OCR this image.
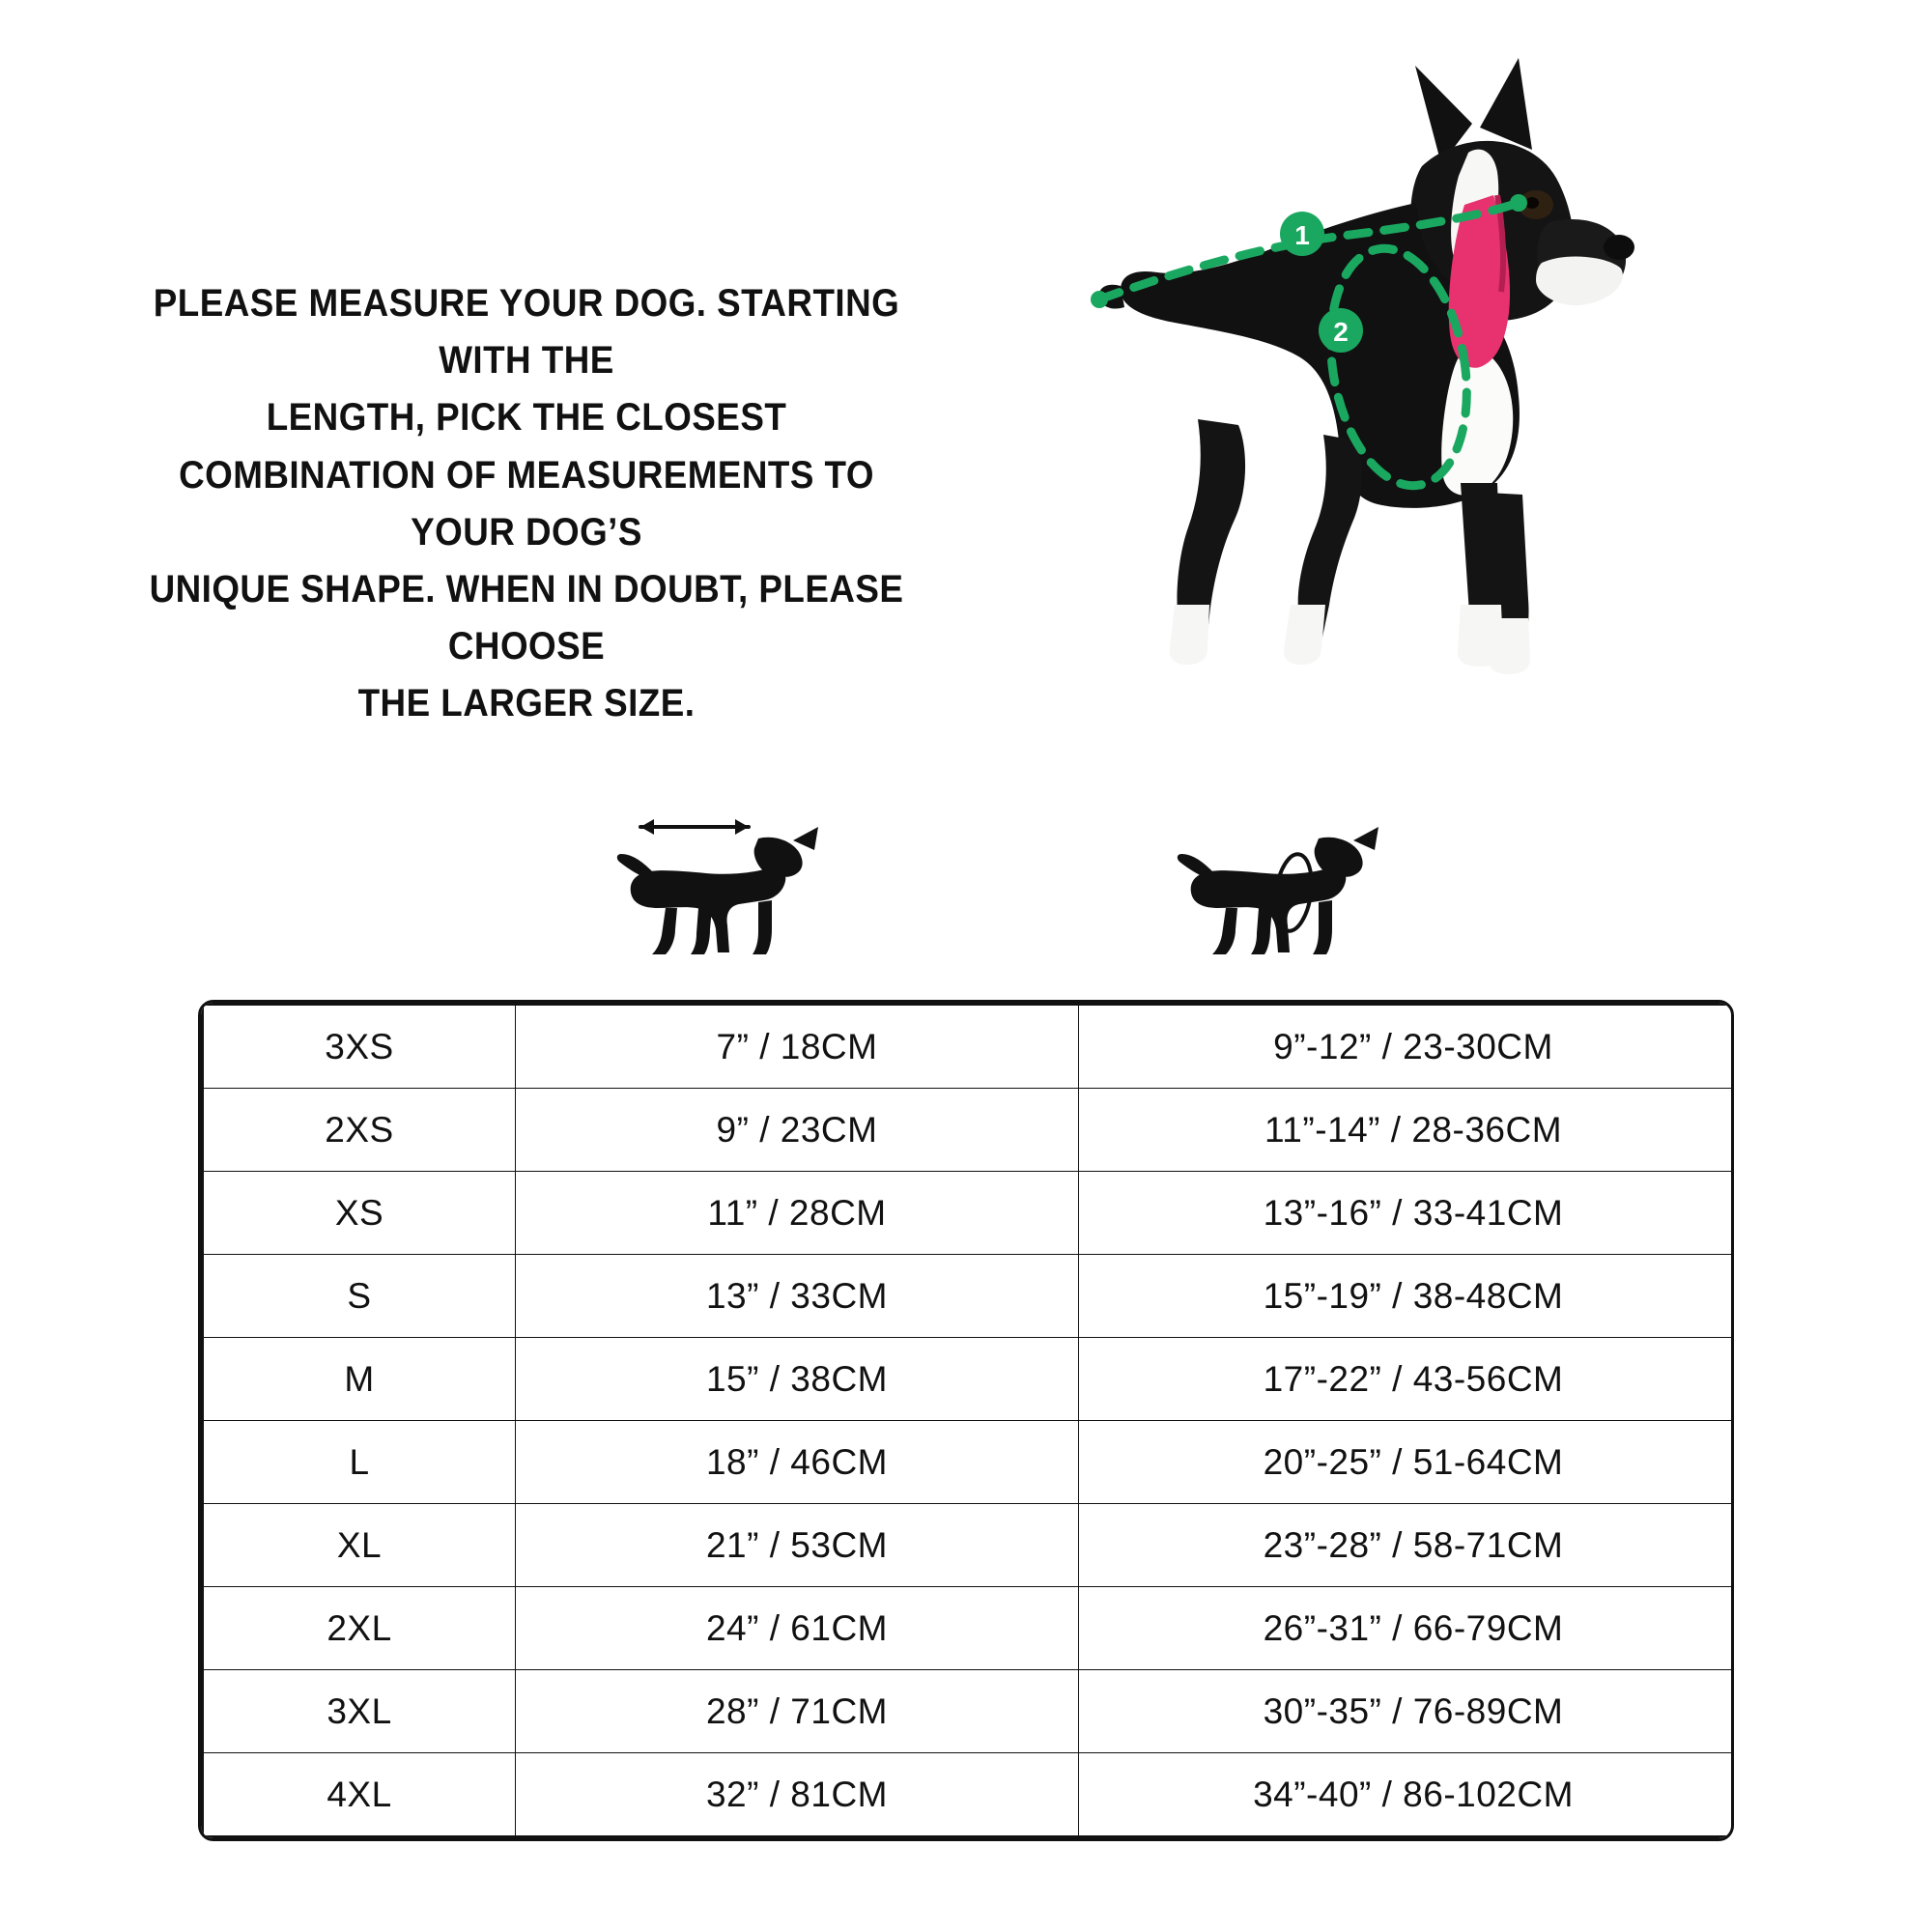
PLEASE MEASURE YOUR DOG. STARTING WITH THE
LENGTH, PICK THE CLOSEST
COMBINATION OF MEASUREMENTS TO YOUR DOG’S
UNIQUE SHAPE. WHEN IN DOUBT, PLEASE CHOOSE
THE LARGER SIZE.
1
2
3XS	7” / 18CM	9”-12” / 23-30CM
2XS	9” / 23CM	11”-14” / 28-36CM
XS	11” / 28CM	13”-16” / 33-41CM
S	13” / 33CM	15”-19” / 38-48CM
M	15” / 38CM	17”-22” / 43-56CM
L	18” / 46CM	20”-25” / 51-64CM
XL	21” / 53CM	23”-28” / 58-71CM
2XL	24” / 61CM	26”-31” / 66-79CM
3XL	28” / 71CM	30”-35” / 76-89CM
4XL	32” / 81CM	34”-40” / 86-102CM
